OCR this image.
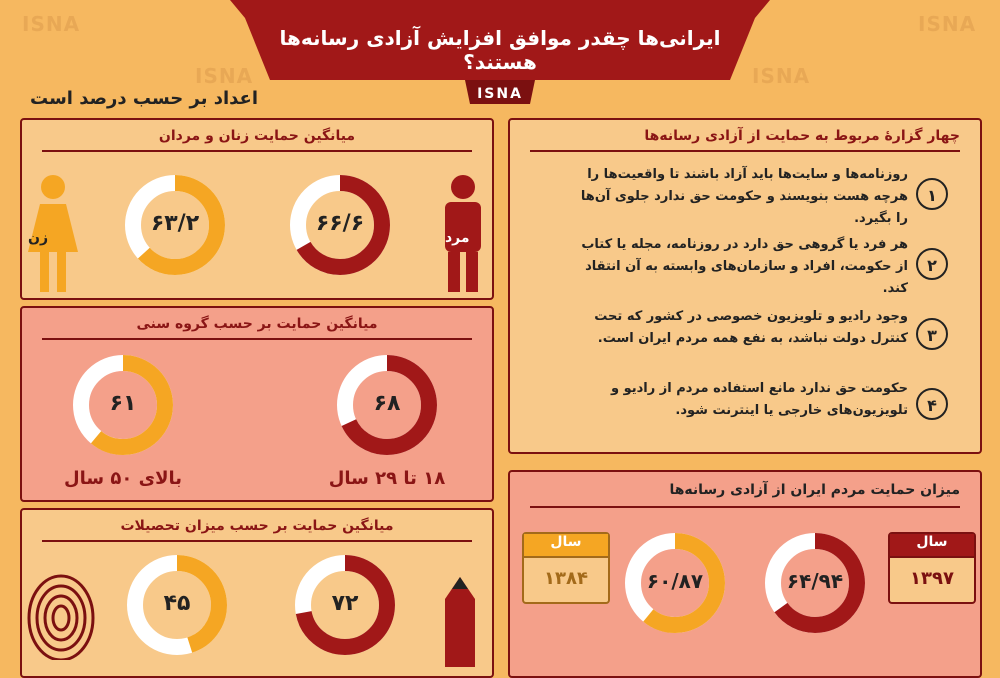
ISNA	ISNA
ISNA	ISNA
ایرانی‌ها چقدر موافق افزایش آزادی رسانه‌ها هستند؟
ISNA
اعداد بر حسب درصد است
میانگین حمایت زنان و مردان
زن	مرد
۶۳/۲	۶۶/۶
میانگین حمایت بر حسب گروه سنی
۶۱	۶۸
بالای ۵۰ سال	۱۸ تا ۲۹ سال
میانگین حمایت بر حسب میزان تحصیلات
۴۵	۷۲
چهار گزارهٔ مربوط به حمایت از آزادی رسانه‌ها
۱
روزنامه‌ها و سایت‌ها باید آزاد باشند تا واقعیت‌ها را هرچه هست بنویسند و حکومت حق ندارد جلوی آن‌ها را بگیرد.
۲
هر فرد یا گروهی حق دارد در روزنامه، مجله یا کتاب از حکومت، افراد و سازمان‌های وابسته به آن انتقاد کند.
۳
وجود رادیو و تلویزیون خصوصی در کشور که تحت کنترل دولت نباشد، به نفع همه مردم ایران است.
۴
حکومت حق ندارد مانع استفاده مردم از رادیو و تلویزیون‌های خارجی یا اینترنت شود.
میزان حمایت مردم ایران از آزادی رسانه‌ها
سال
۱۳۸۴
سال
۱۳۹۷
۶۰/۸۷	۶۴/۹۴
